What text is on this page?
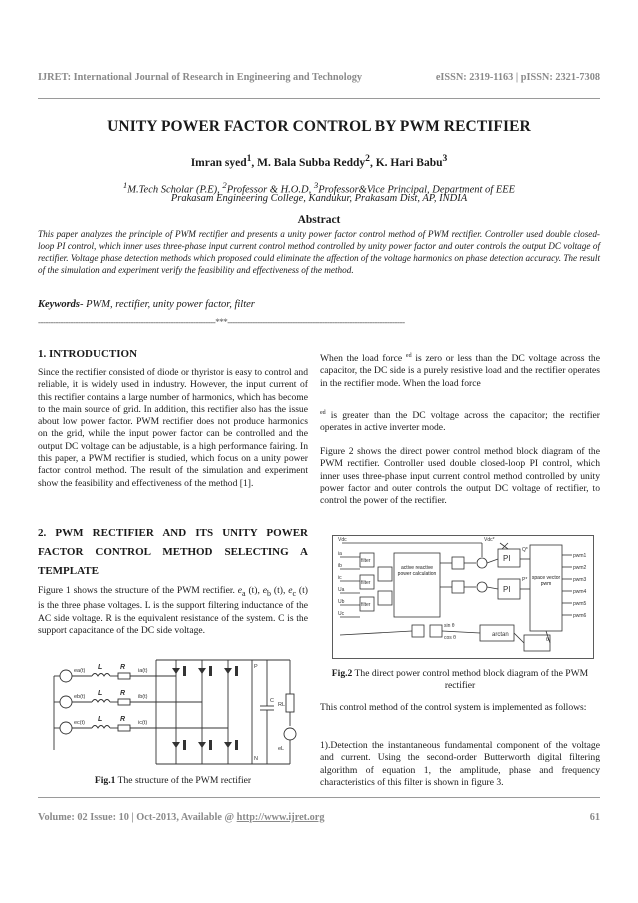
IJRET: International Journal of Research in Engineering and Technology	eISSN: 2319-1163 | pISSN: 2321-7308
UNITY POWER FACTOR CONTROL BY PWM RECTIFIER
Imran syed$^1$, M. Bala Subba Reddy$^2$, K. Hari Babu$^3$
$^1$M.Tech Scholar (P.E), $^2$Professor & H.O.D, $^3$Professor&Vice Principal, Department of EEE
Prakasam Engineering College, Kandukur, Prakasam Dist, AP, INDIA
Abstract

This paper analyzes the principle of PWM rectifier and presents a unity power factor control method of PWM rectifier. Controller used double closed-loop PI control, which inner uses three-phase input current control method controlled by unity power factor and outer controls the output DC voltage of rectifier. Voltage phase detection methods which proposed could eliminate the affection of the voltage harmonics on phase detection accuracy. The result of the simulation and experiment verify the feasibility and effectiveness of the method.

Keywords- PWM, rectifier, unity power factor, filter
-----------------------------------------------------------------------***-----------------------------------------------------------------------
1. INTRODUCTION

Since the rectifier consisted of diode or thyristor is easy to control and reliable, it is widely used in industry. However, the input current of this rectifier contains a large number of harmonics, which has become to the main source of grid. In addition, this rectifier also has the issue about low power factor. PWM rectifier does not produce harmonics on the grid, while the input power factor can be controlled and the output DC voltage can be adjustable, is a high performance fairing. In this paper, a PWM rectifier is studied, which focus on a unity power factor control method. The result of the simulation and experiment show the feasibility and effectiveness of the method [1].

2. PWM RECTIFIER AND ITS UNITY POWER FACTOR CONTROL METHOD SELECTING A TEMPLATE

Figure 1 shows the structure of the PWM rectifier. $e_a$ (t), $e_b$ (t), $e_c$ (t) is the three phase voltages. L is the support filtering inductance of the AC side voltage. R is the equivalent resistance of the system. C is the support capacitance of the DC side voltage.

ea(t)
eb(t)
ec(t)
L
L
L
R
R
R
ia(t)
ib(t)
ic(t)
C
RL
eL
P
N
Fig.1 The structure of the PWM rectifier

When the load force $^{ed}$ is zero or less than the DC voltage across the capacitor, the DC side is a purely resistive load and the rectifier operates in the rectifier mode. When the load force

$^{ed}$ is greater than the DC voltage across the capacitor; the rectifier operates in active inverter mode.

Figure 2 shows the direct power control method block diagram of the PWM rectifier. Controller used double closed-loop PI control, which inner uses three-phase input current control method controlled by unity power factor and outer controls the output DC voltage of rectifier, to control the power of the rectifier.

Vdc
ia
ib
ic
Ua
Ub
Uc
filter
filter
filter
active reactive power calculation
PI
PI
space vector pwm
arctan
pwm1
pwm2
pwm3
pwm4
pwm5
pwm6
Q*
P*
Vdc*
θ
sin θ
cos θ
Fig.2 The direct power control method block diagram of the PWM rectifier

This control method of the control system is implemented as follows:

1).Detection the instantaneous fundamental component of the voltage and current. Using the second-order Butterworth digital filtering algorithm of equation 1, the amplitude, phase and frequency characteristics of this filter is shown in figure 3.

Volume: 02 Issue: 10 | Oct-2013, Available @ http://www.ijret.org	61
